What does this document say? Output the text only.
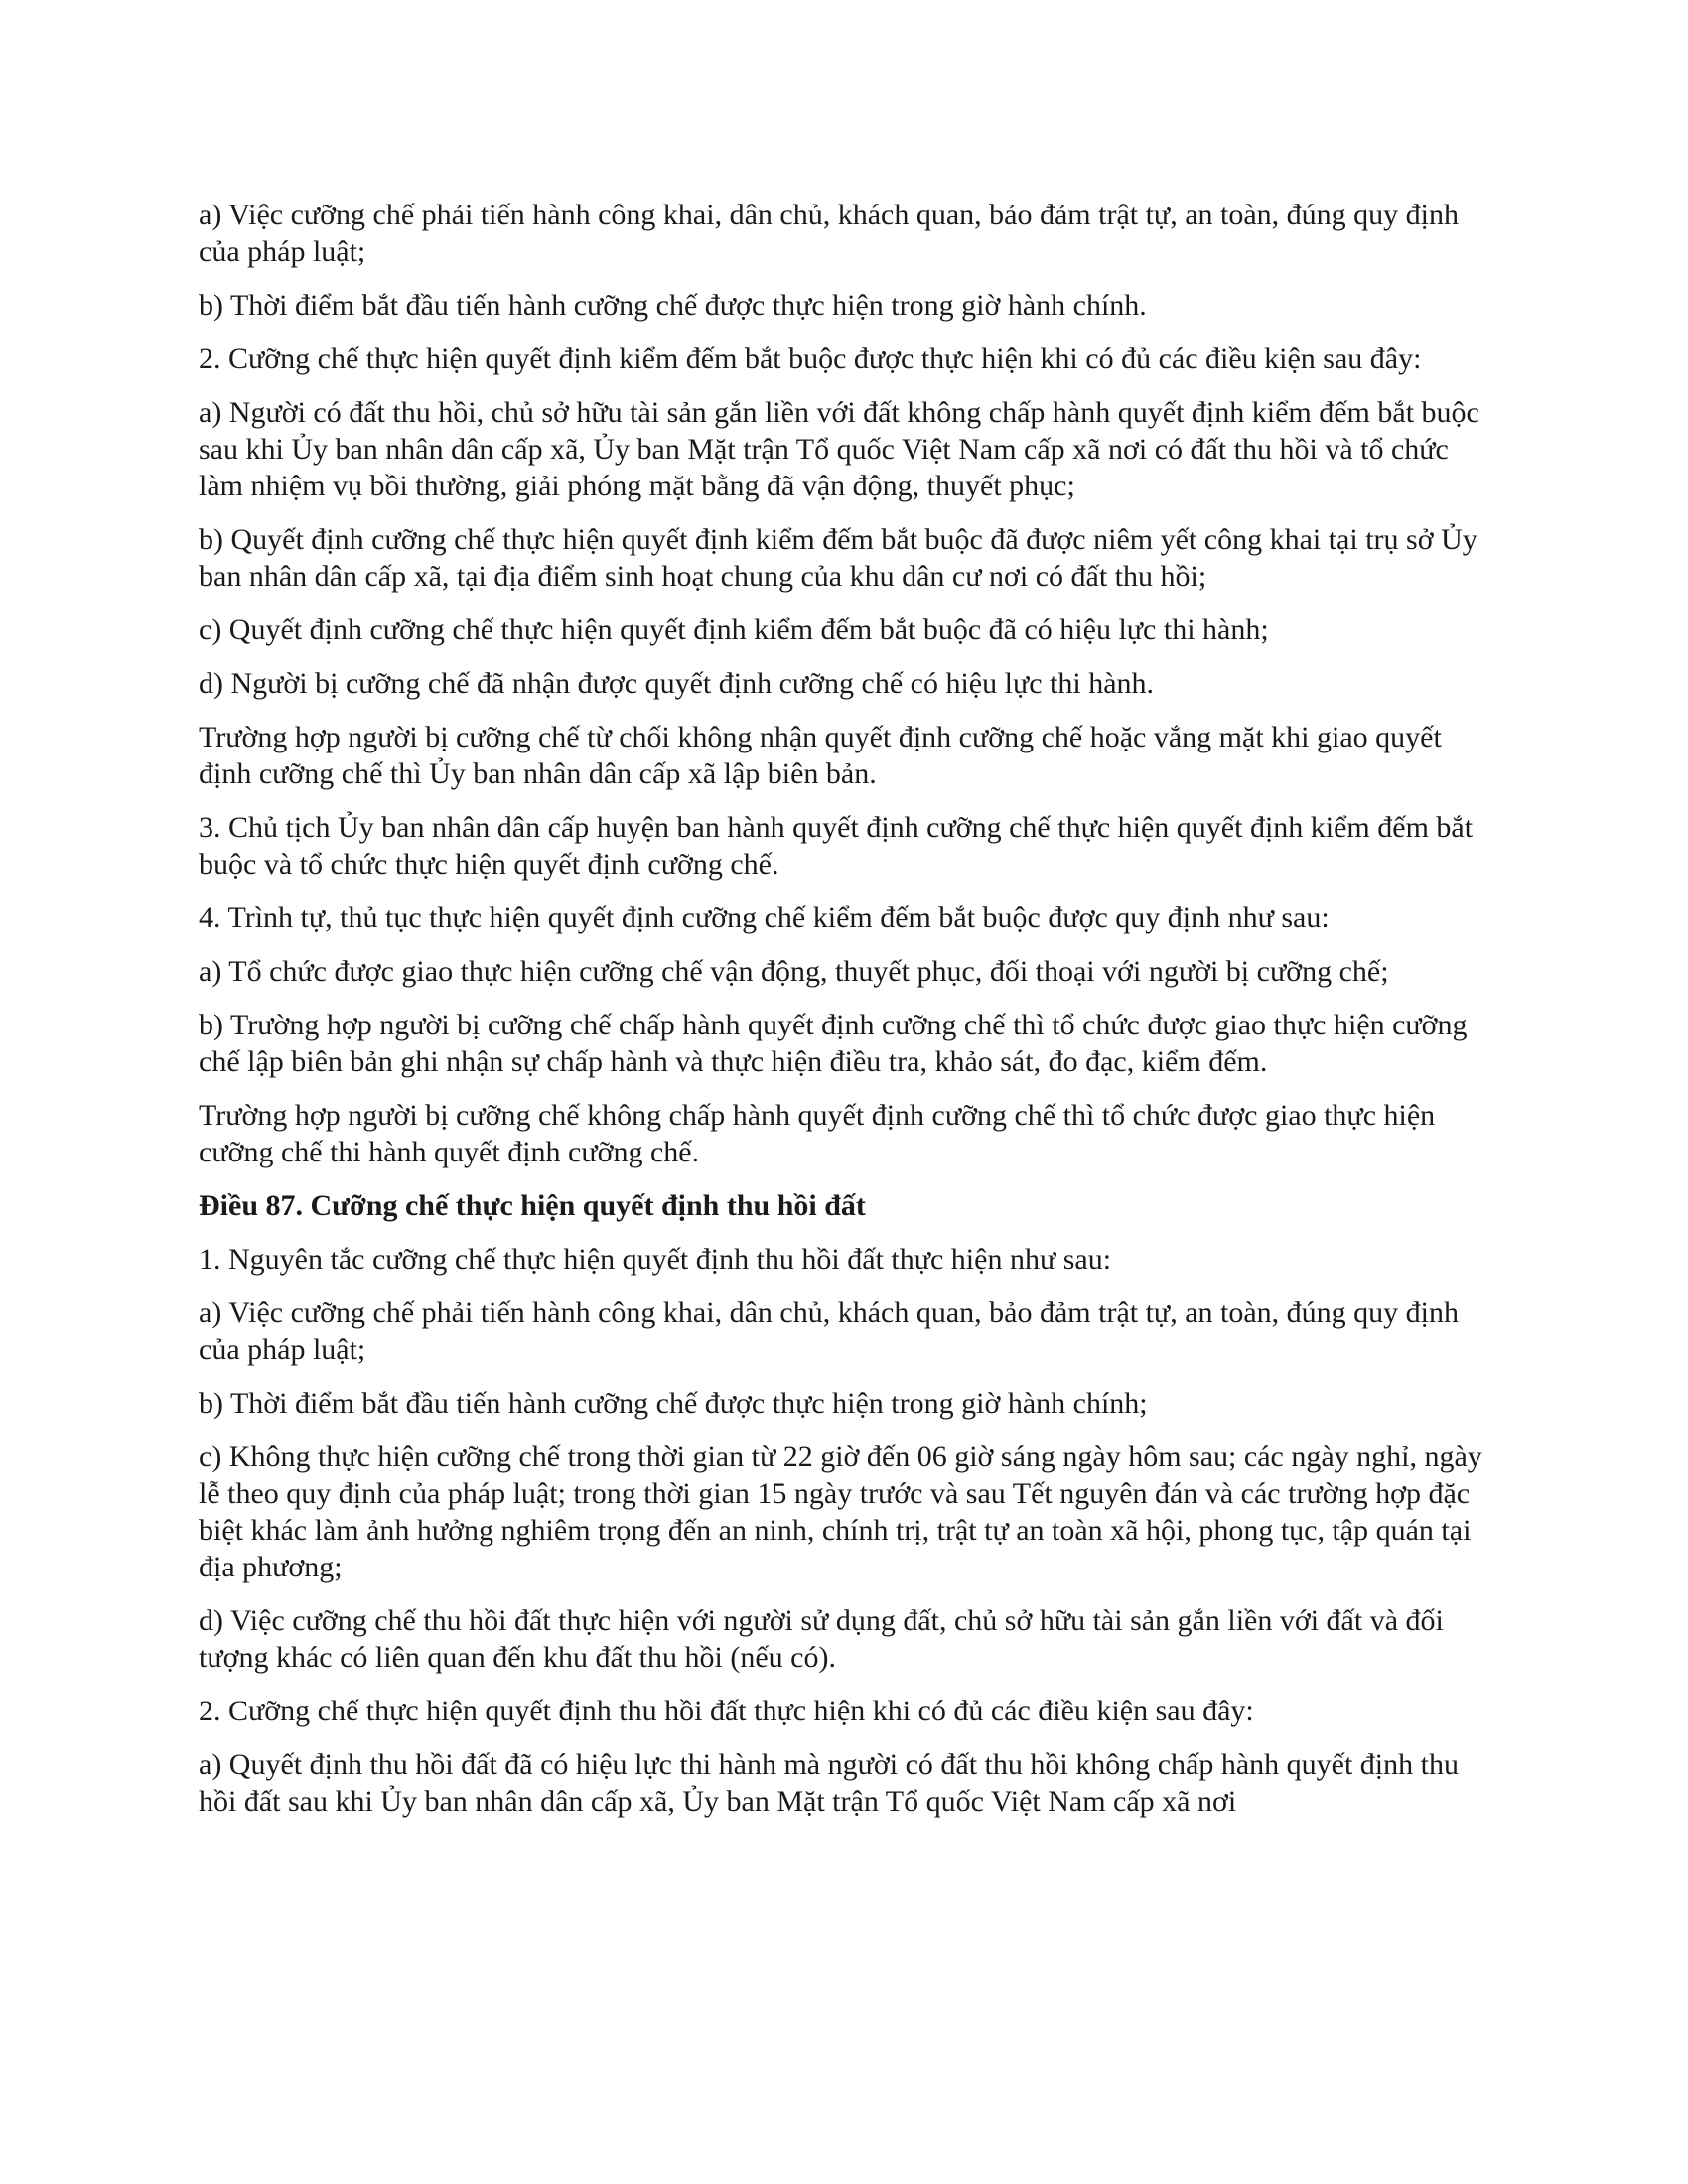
a) Việc cưỡng chế phải tiến hành công khai, dân chủ, khách quan, bảo đảm trật tự, an toàn, đúng quy định của pháp luật;

b) Thời điểm bắt đầu tiến hành cưỡng chế được thực hiện trong giờ hành chính.

2. Cưỡng chế thực hiện quyết định kiểm đếm bắt buộc được thực hiện khi có đủ các điều kiện sau đây:

a) Người có đất thu hồi, chủ sở hữu tài sản gắn liền với đất không chấp hành quyết định kiểm đếm bắt buộc sau khi Ủy ban nhân dân cấp xã, Ủy ban Mặt trận Tổ quốc Việt Nam cấp xã nơi có đất thu hồi và tổ chức làm nhiệm vụ bồi thường, giải phóng mặt bằng đã vận động, thuyết phục;

b) Quyết định cưỡng chế thực hiện quyết định kiểm đếm bắt buộc đã được niêm yết công khai tại trụ sở Ủy ban nhân dân cấp xã, tại địa điểm sinh hoạt chung của khu dân cư nơi có đất thu hồi;

c) Quyết định cưỡng chế thực hiện quyết định kiểm đếm bắt buộc đã có hiệu lực thi hành;

d) Người bị cưỡng chế đã nhận được quyết định cưỡng chế có hiệu lực thi hành.

Trường hợp người bị cưỡng chế từ chối không nhận quyết định cưỡng chế hoặc vắng mặt khi giao quyết định cưỡng chế thì Ủy ban nhân dân cấp xã lập biên bản.

3. Chủ tịch Ủy ban nhân dân cấp huyện ban hành quyết định cưỡng chế thực hiện quyết định kiểm đếm bắt buộc và tổ chức thực hiện quyết định cưỡng chế.

4. Trình tự, thủ tục thực hiện quyết định cưỡng chế kiểm đếm bắt buộc được quy định như sau:

a) Tổ chức được giao thực hiện cưỡng chế vận động, thuyết phục, đối thoại với người bị cưỡng chế;

b) Trường hợp người bị cưỡng chế chấp hành quyết định cưỡng chế thì tổ chức được giao thực hiện cưỡng chế lập biên bản ghi nhận sự chấp hành và thực hiện điều tra, khảo sát, đo đạc, kiểm đếm.

Trường hợp người bị cưỡng chế không chấp hành quyết định cưỡng chế thì tổ chức được giao thực hiện cưỡng chế thi hành quyết định cưỡng chế.

Điều 87. Cưỡng chế thực hiện quyết định thu hồi đất

1. Nguyên tắc cưỡng chế thực hiện quyết định thu hồi đất thực hiện như sau:

a) Việc cưỡng chế phải tiến hành công khai, dân chủ, khách quan, bảo đảm trật tự, an toàn, đúng quy định của pháp luật;

b) Thời điểm bắt đầu tiến hành cưỡng chế được thực hiện trong giờ hành chính;

c) Không thực hiện cưỡng chế trong thời gian từ 22 giờ đến 06 giờ sáng ngày hôm sau; các ngày nghỉ, ngày lễ theo quy định của pháp luật; trong thời gian 15 ngày trước và sau Tết nguyên đán và các trường hợp đặc biệt khác làm ảnh hưởng nghiêm trọng đến an ninh, chính trị, trật tự an toàn xã hội, phong tục, tập quán tại địa phương;

d) Việc cưỡng chế thu hồi đất thực hiện với người sử dụng đất, chủ sở hữu tài sản gắn liền với đất và đối tượng khác có liên quan đến khu đất thu hồi (nếu có).

2. Cưỡng chế thực hiện quyết định thu hồi đất thực hiện khi có đủ các điều kiện sau đây:

a) Quyết định thu hồi đất đã có hiệu lực thi hành mà người có đất thu hồi không chấp hành quyết định thu hồi đất sau khi Ủy ban nhân dân cấp xã, Ủy ban Mặt trận Tổ quốc Việt Nam cấp xã nơi
